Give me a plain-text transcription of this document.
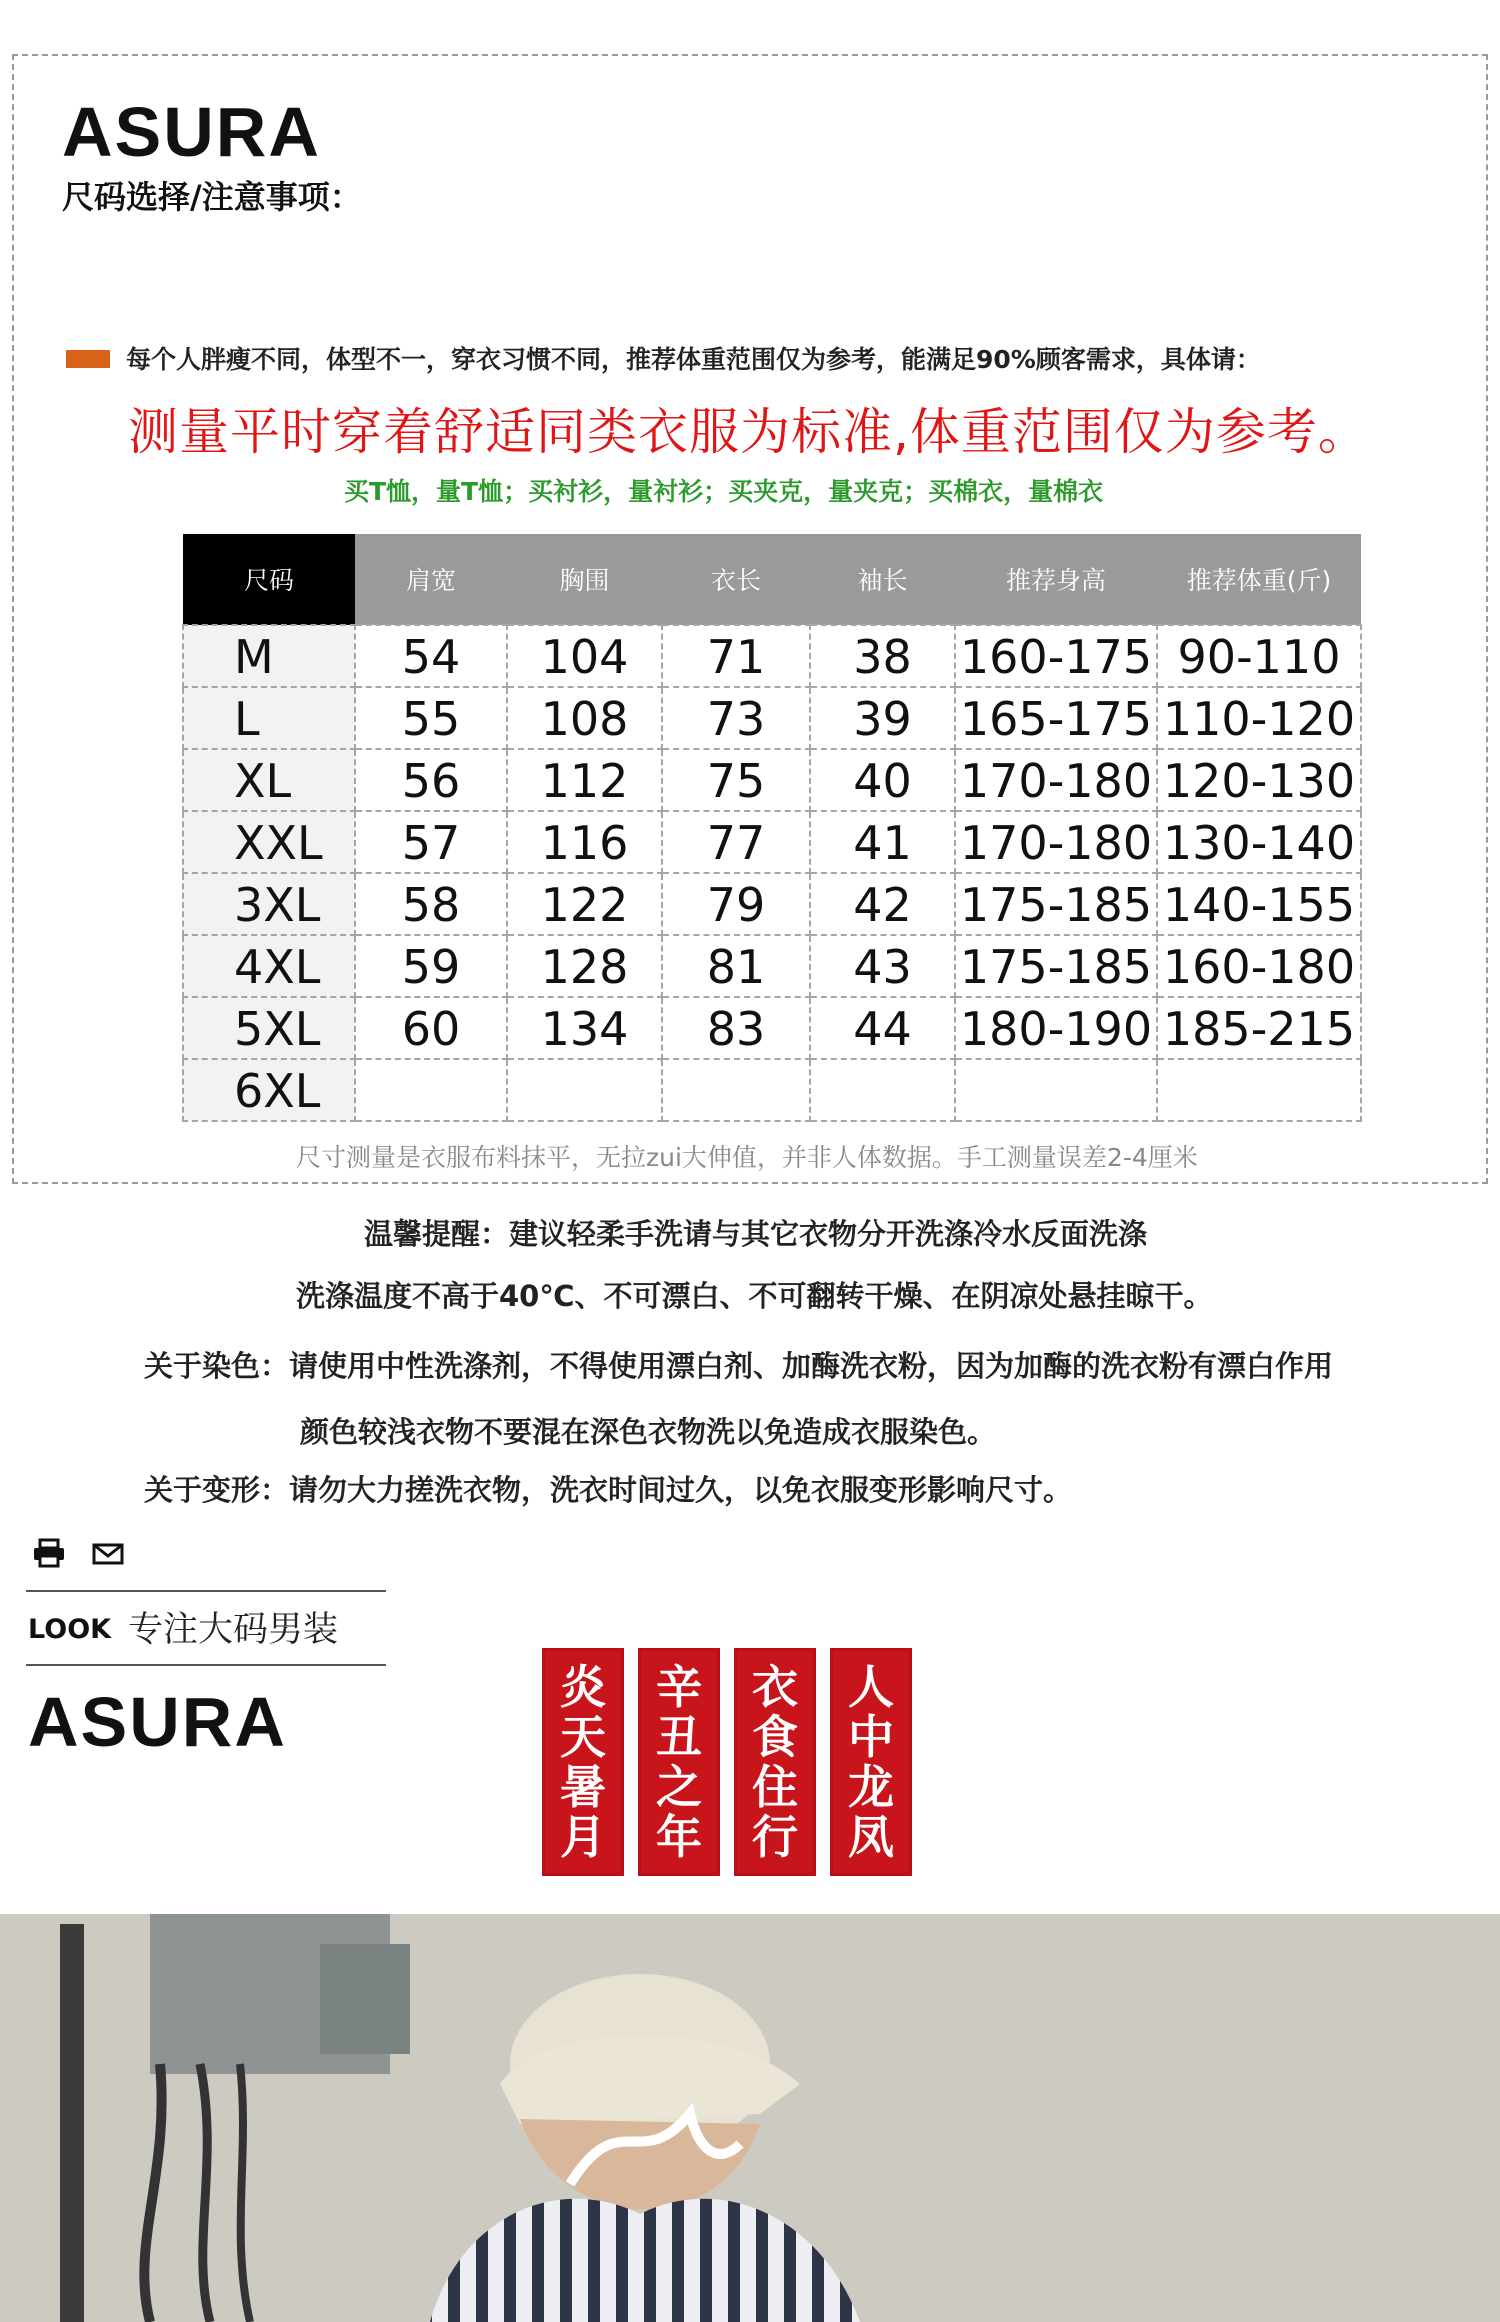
ASURA
尺码选择/注意事项：
每个人胖瘦不同，体型不一，穿衣习惯不同，推荐体重范围仅为参考，能满足90%顾客需求，具体请：
测量平时穿着舒适同类衣服为标准,体重范围仅为参考。
买T恤，量T恤；买衬衫，量衬衫；买夹克，量夹克；买棉衣，量棉衣
尺码	肩宽	胸围	衣长	袖长	推荐身高	推荐体重(斤)
M	54	104	71	38	160-175	90-110
L	55	108	73	39	165-175	110-120
XL	56	112	75	40	170-180	120-130
XXL	57	116	77	41	170-180	130-140
3XL	58	122	79	42	175-185	140-155
4XL	59	128	81	43	175-185	160-180
5XL	60	134	83	44	180-190	185-215
6XL						
尺寸测量是衣服布料抹平，无拉zui大伸值，并非人体数据。手工测量误差2-4厘米
温馨提醒：建议轻柔手洗请与其它衣物分开洗涤冷水反面洗涤
洗涤温度不高于40℃、不可漂白、不可翻转干燥、在阴凉处悬挂晾干。
关于染色：请使用中性洗涤剂，不得使用漂白剂、加酶洗衣粉，因为加酶的洗衣粉有漂白作用
颜色较浅衣物不要混在深色衣物洗以免造成衣服染色。
关于变形：请勿大力搓洗衣物，洗衣时间过久，以免衣服变形影响尺寸。
LOOK 专注大码男装
ASURA	炎
天
暑
月
辛
丑
之
年
衣
食
住
行
人
中
龙
凤
